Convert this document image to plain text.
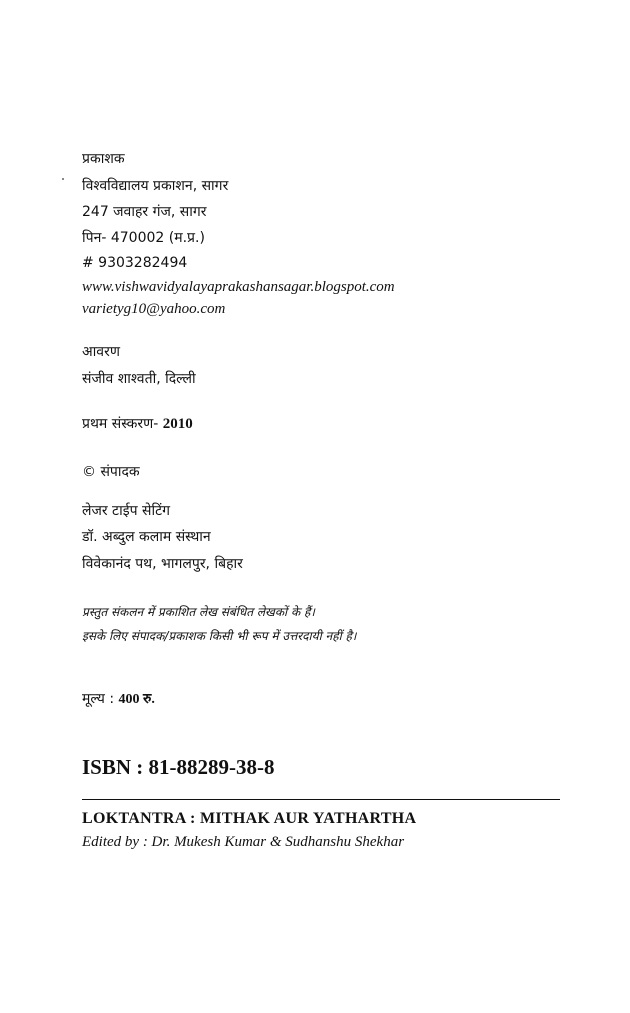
प्रकाशक
विश्वविद्यालय प्रकाशन, सागर
247 जवाहर गंज, सागर
पिन- 470002 (म.प्र.)
# 9303282494
www.vishwavidyalayaprakashansagar.blogspot.com
varietyg10@yahoo.com
आवरण
संजीव शाश्वती, दिल्ली
प्रथम संस्करण- 2010
© संपादक
लेजर टाईप सेटिंग
डॉ. अब्दुल कलाम संस्थान
विवेकानंद पथ, भागलपुर, बिहार
प्रस्तुत संकलन में प्रकाशित लेख संबंधित लेखकों के हैं।
इसके लिए संपादक/प्रकाशक किसी भी रूप में उत्तरदायी नहीं है।
मूल्य : 400 रु.
ISBN : 81-88289-38-8
LOKTANTRA : MITHAK AUR YATHARTHA
Edited by : Dr. Mukesh Kumar & Sudhanshu Shekhar
